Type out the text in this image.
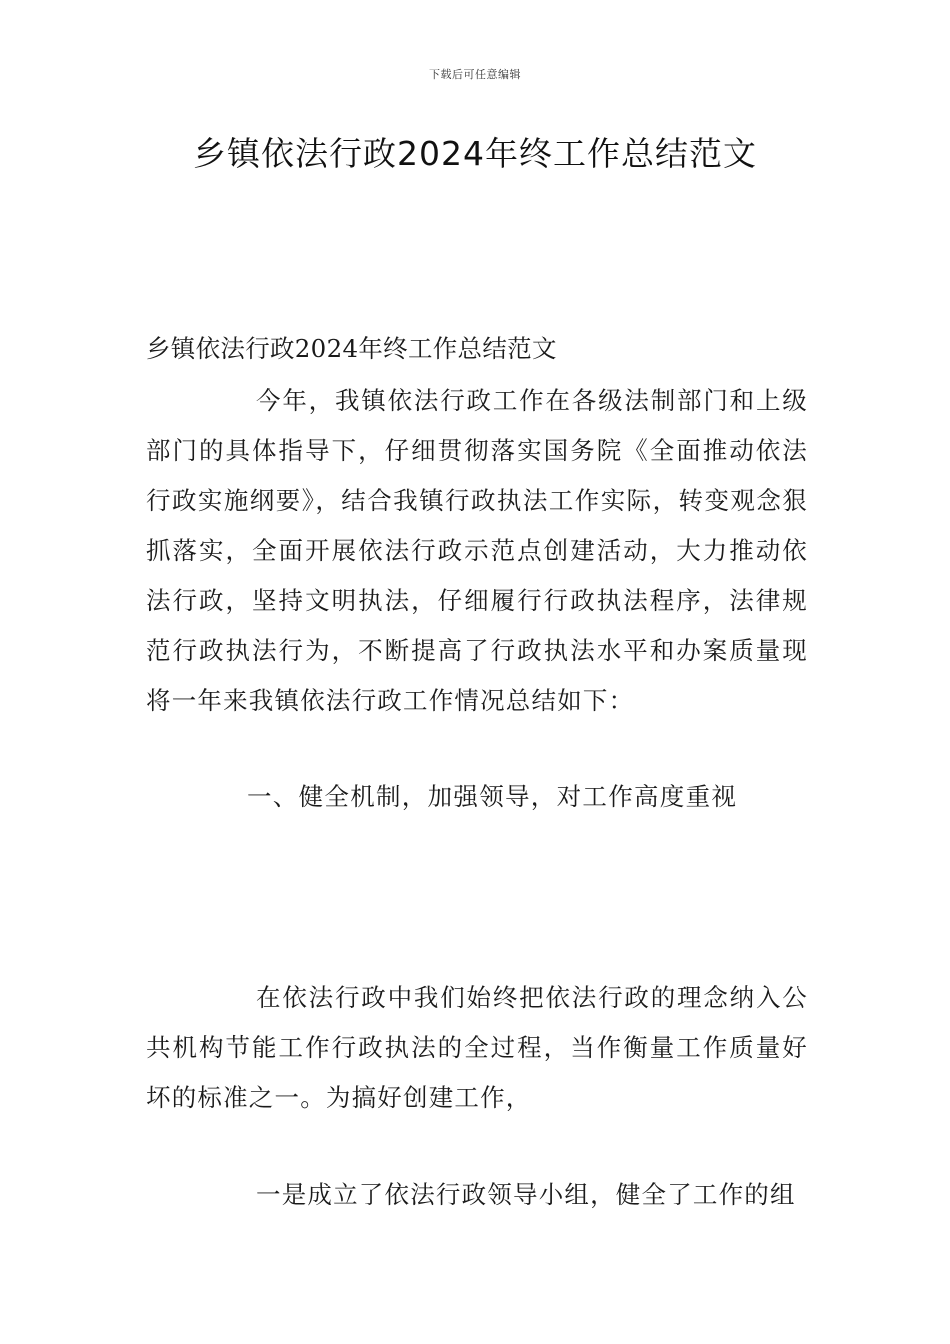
下载后可任意编辑
乡镇依法行政2024年终工作总结范文
乡镇依法行政2024年终工作总结范文

今年，我镇依法行政工作在各级法制部门和上级部门的具体指导下，仔细贯彻落实国务院《全面推动依法行政实施纲要》，结合我镇行政执法工作实际，转变观念狠抓落实，全面开展依法行政示范点创建活动，大力推动依法行政，坚持文明执法，仔细履行行政执法程序，法律规范行政执法行为，不断提高了行政执法水平和办案质量现将一年来我镇依法行政工作情况总结如下：

一、健全机制，加强领导，对工作高度重视

在依法行政中我们始终把依法行政的理念纳入公共机构节能工作行政执法的全过程，当作衡量工作质量好坏的标准之一。为搞好创建工作，

一是成立了依法行政领导小组，健全了工作的组
